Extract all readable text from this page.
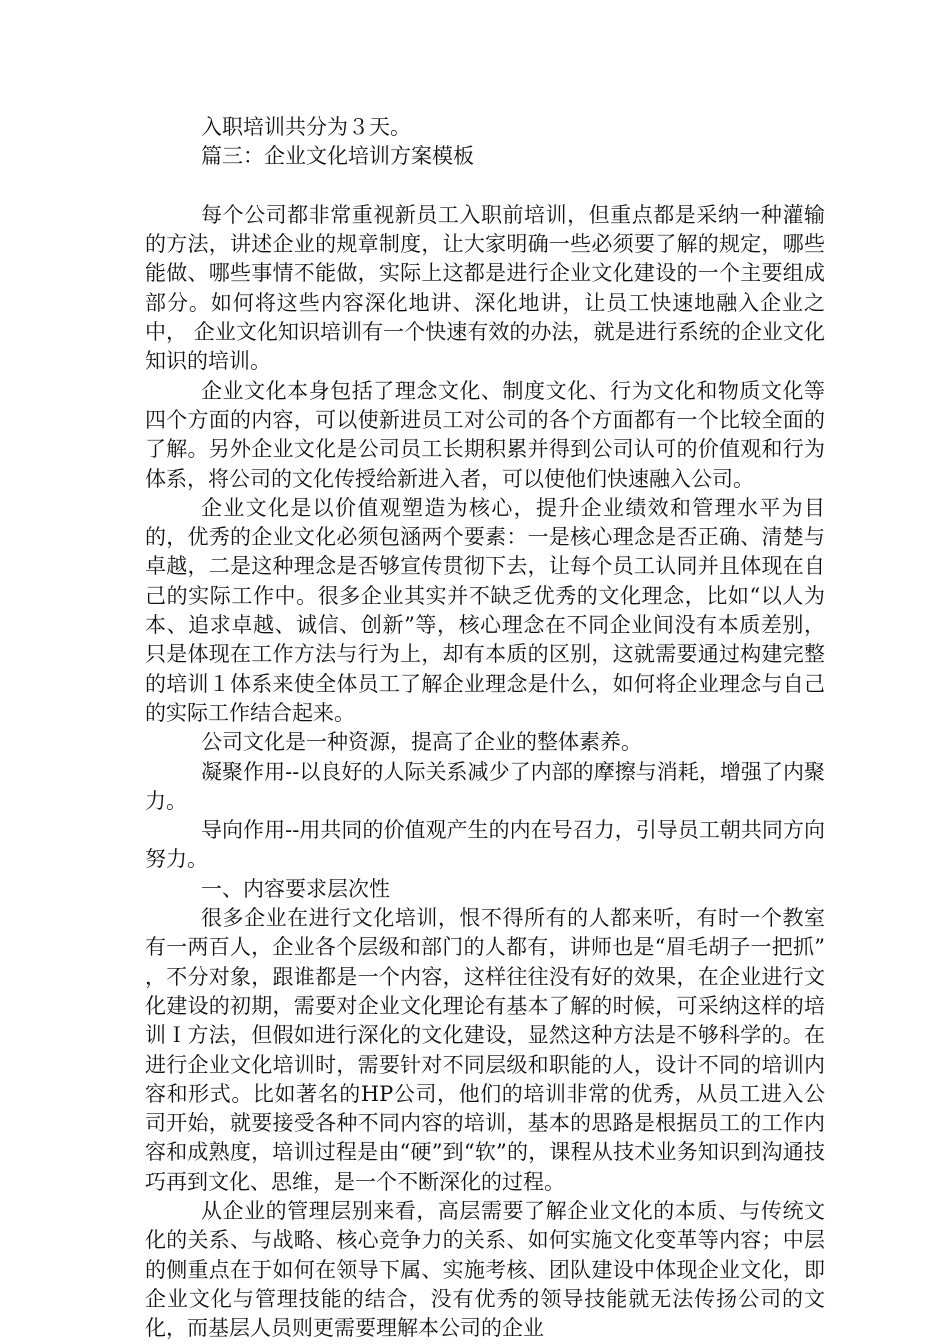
入职培训共分为３天。

篇三：企业文化培训方案模板

每个公司都非常重视新员工入职前培训，但重点都是采纳一种灌输的方法，讲述企业的规章制度，让大家明确一些必须要了解的规定，哪些能做、哪些事情不能做，实际上这都是进行企业文化建设的一个主要组成部分。如何将这些内容深化地讲、深化地讲，让员工快速地融入企业之中， 企业文化知识培训有一个快速有效的办法，就是进行系统的企业文化知识的培训。

企业文化本身包括了理念文化、制度文化、行为文化和物质文化等四个方面的内容，可以使新进员工对公司的各个方面都有一个比较全面的了解。另外企业文化是公司员工长期积累并得到公司认可的价值观和行为体系，将公司的文化传授给新进入者，可以使他们快速融入公司。

企业文化是以价值观塑造为核心，提升企业绩效和管理水平为目的，优秀的企业文化必须包涵两个要素：一是核心理念是否正确、清楚与卓越，二是这种理念是否够宣传贯彻下去，让每个员工认同并且体现在自己的实际工作中。很多企业其实并不缺乏优秀的文化理念，比如“以人为本、追求卓越、诚信、创新”等，核心理念在不同企业间没有本质差别，只是体现在工作方法与行为上，却有本质的区别，这就需要通过构建完整的培训１体系来使全体员工了解企业理念是什么，如何将企业理念与自己的实际工作结合起来。

公司文化是一种资源，提高了企业的整体素养。

凝聚作用--以良好的人际关系减少了内部的摩擦与消耗，增强了内聚力。

导向作用--用共同的价值观产生的内在号召力，引导员工朝共同方向努力。

一、内容要求层次性

很多企业在进行文化培训，恨不得所有的人都来听，有时一个教室有一两百人，企业各个层级和部门的人都有，讲师也是“眉毛胡子一把抓” ，不分对象，跟谁都是一个内容，这样往往没有好的效果，在企业进行文化建设的初期，需要对企业文化理论有基本了解的时候，可采纳这样的培训Ｉ方法，但假如进行深化的文化建设，显然这种方法是不够科学的。在进行企业文化培训时，需要针对不同层级和职能的人，设计不同的培训内容和形式。比如著名的HP公司，他们的培训非常的优秀，从员工进入公司开始，就要接受各种不同内容的培训，基本的思路是根据员工的工作内容和成熟度，培训过程是由“硬”到“软”的，课程从技术业务知识到沟通技巧再到文化、思维，是一个不断深化的过程。

从企业的管理层别来看，高层需要了解企业文化的本质、与传统文化的关系、与战略、核心竞争力的关系、如何实施文化变革等内容；中层的侧重点在于如何在领导下属、实施考核、团队建设中体现企业文化，即企业文化与管理技能的结合，没有优秀的领导技能就无法传扬公司的文化，而基层人员则更需要理解本公司的企业
